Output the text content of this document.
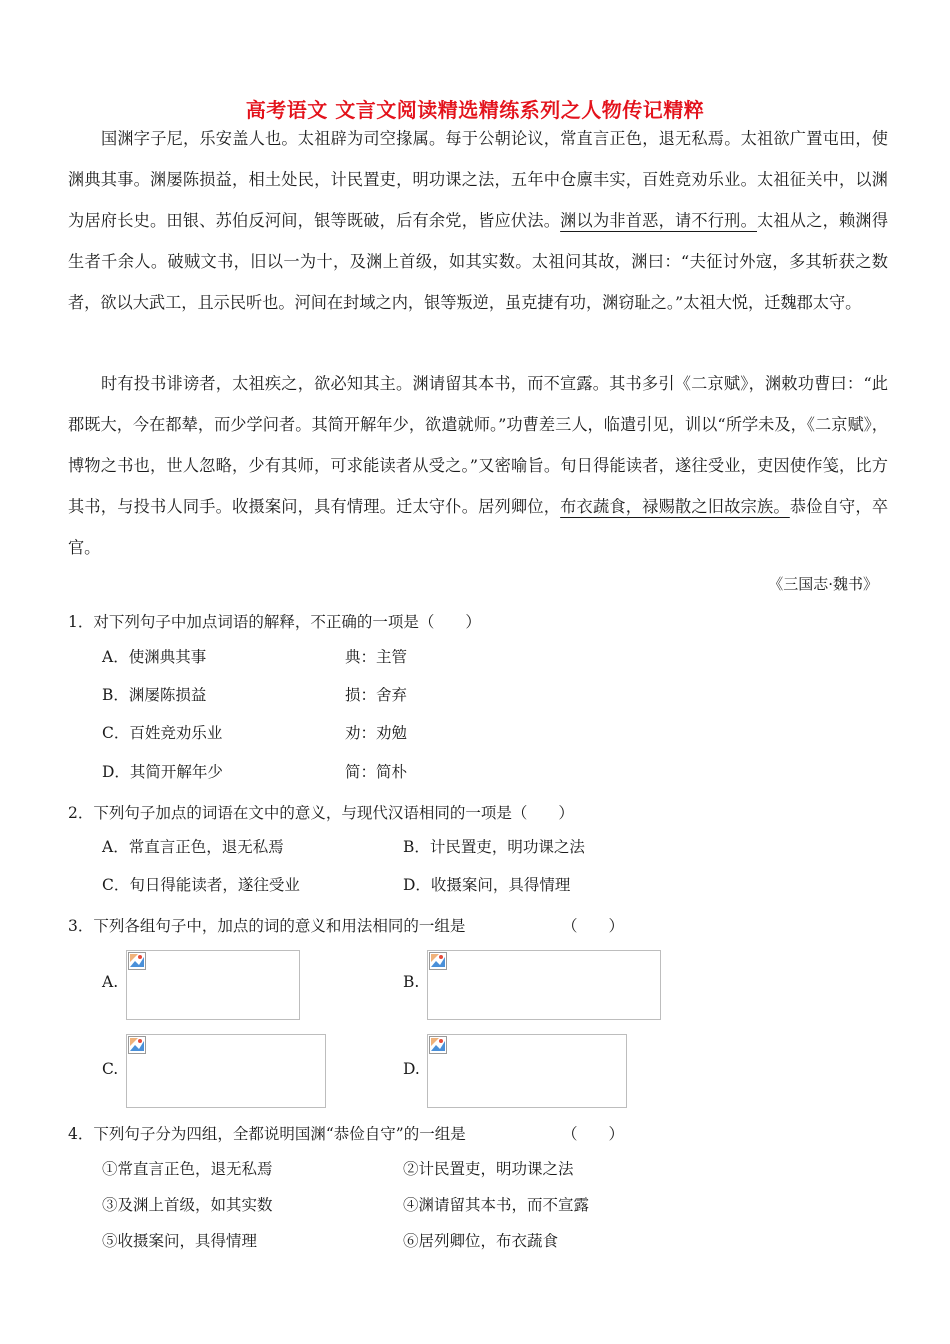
高考语文 文言文阅读精选精练系列之人物传记精粹
国渊字子尼，乐安盖人也。太祖辟为司空掾属。每于公朝论议，常直言正色，退无私焉。太祖欲广置屯田，使渊典其事。渊屡陈损益，相土处民，计民置吏，明功课之法，五年中仓廪丰实，百姓竞劝乐业。太祖征关中，以渊为居府长史。田银、苏伯反河间，银等既破，后有余党，皆应伏法。渊以为非首恶，请不行刑。太祖从之，赖渊得生者千余人。破贼文书，旧以一为十，及渊上首级，如其实数。太祖问其故，渊曰：“夫征讨外寇，多其斩获之数者，欲以大武工，且示民听也。河间在封域之内，银等叛逆，虽克捷有功，渊窃耻之。”太祖大悦，迁魏郡太守。
时有投书诽谤者，太祖疾之，欲必知其主。渊请留其本书，而不宣露。其书多引《二京赋》，渊敕功曹曰：“此郡既大，今在都辇，而少学问者。其简开解年少，欲遣就师。”功曹差三人，临遣引见，训以“所学未及，《二京赋》，博物之书也，世人忽略，少有其师，可求能读者从受之。”又密喻旨。旬日得能读者，遂往受业，吏因使作笺，比方其书，与投书人同手。收摄案问，具有情理。迁太守仆。居列卿位，布衣蔬食，禄赐散之旧故宗族。恭俭自守，卒官。
《三国志·魏书》
1．对下列句子中加点词语的解释，不正确的一项是（　　）
A．使渊典其事	典：主管
B．渊屡陈损益	损：舍弃
C．百姓竞劝乐业	劝：劝勉
D．其简开解年少	简：简朴
2．下列句子加点的词语在文中的意义，与现代汉语相同的一项是（　　）
A．常直言正色，退无私焉	B．计民置吏，明功课之法
C．旬日得能读者，遂往受业	D．收摄案问，具得情理
3．下列各组句子中，加点的词的意义和用法相同的一组是	（　　）
A.	B.
C.	D.
4．下列句子分为四组，全都说明国渊“恭俭自守”的一组是	（　　）
①常直言正色，退无私焉	②计民置吏，明功课之法
③及渊上首级，如其实数	④渊请留其本书，而不宣露
⑤收摄案问，具得情理	⑥居列卿位，布衣蔬食
